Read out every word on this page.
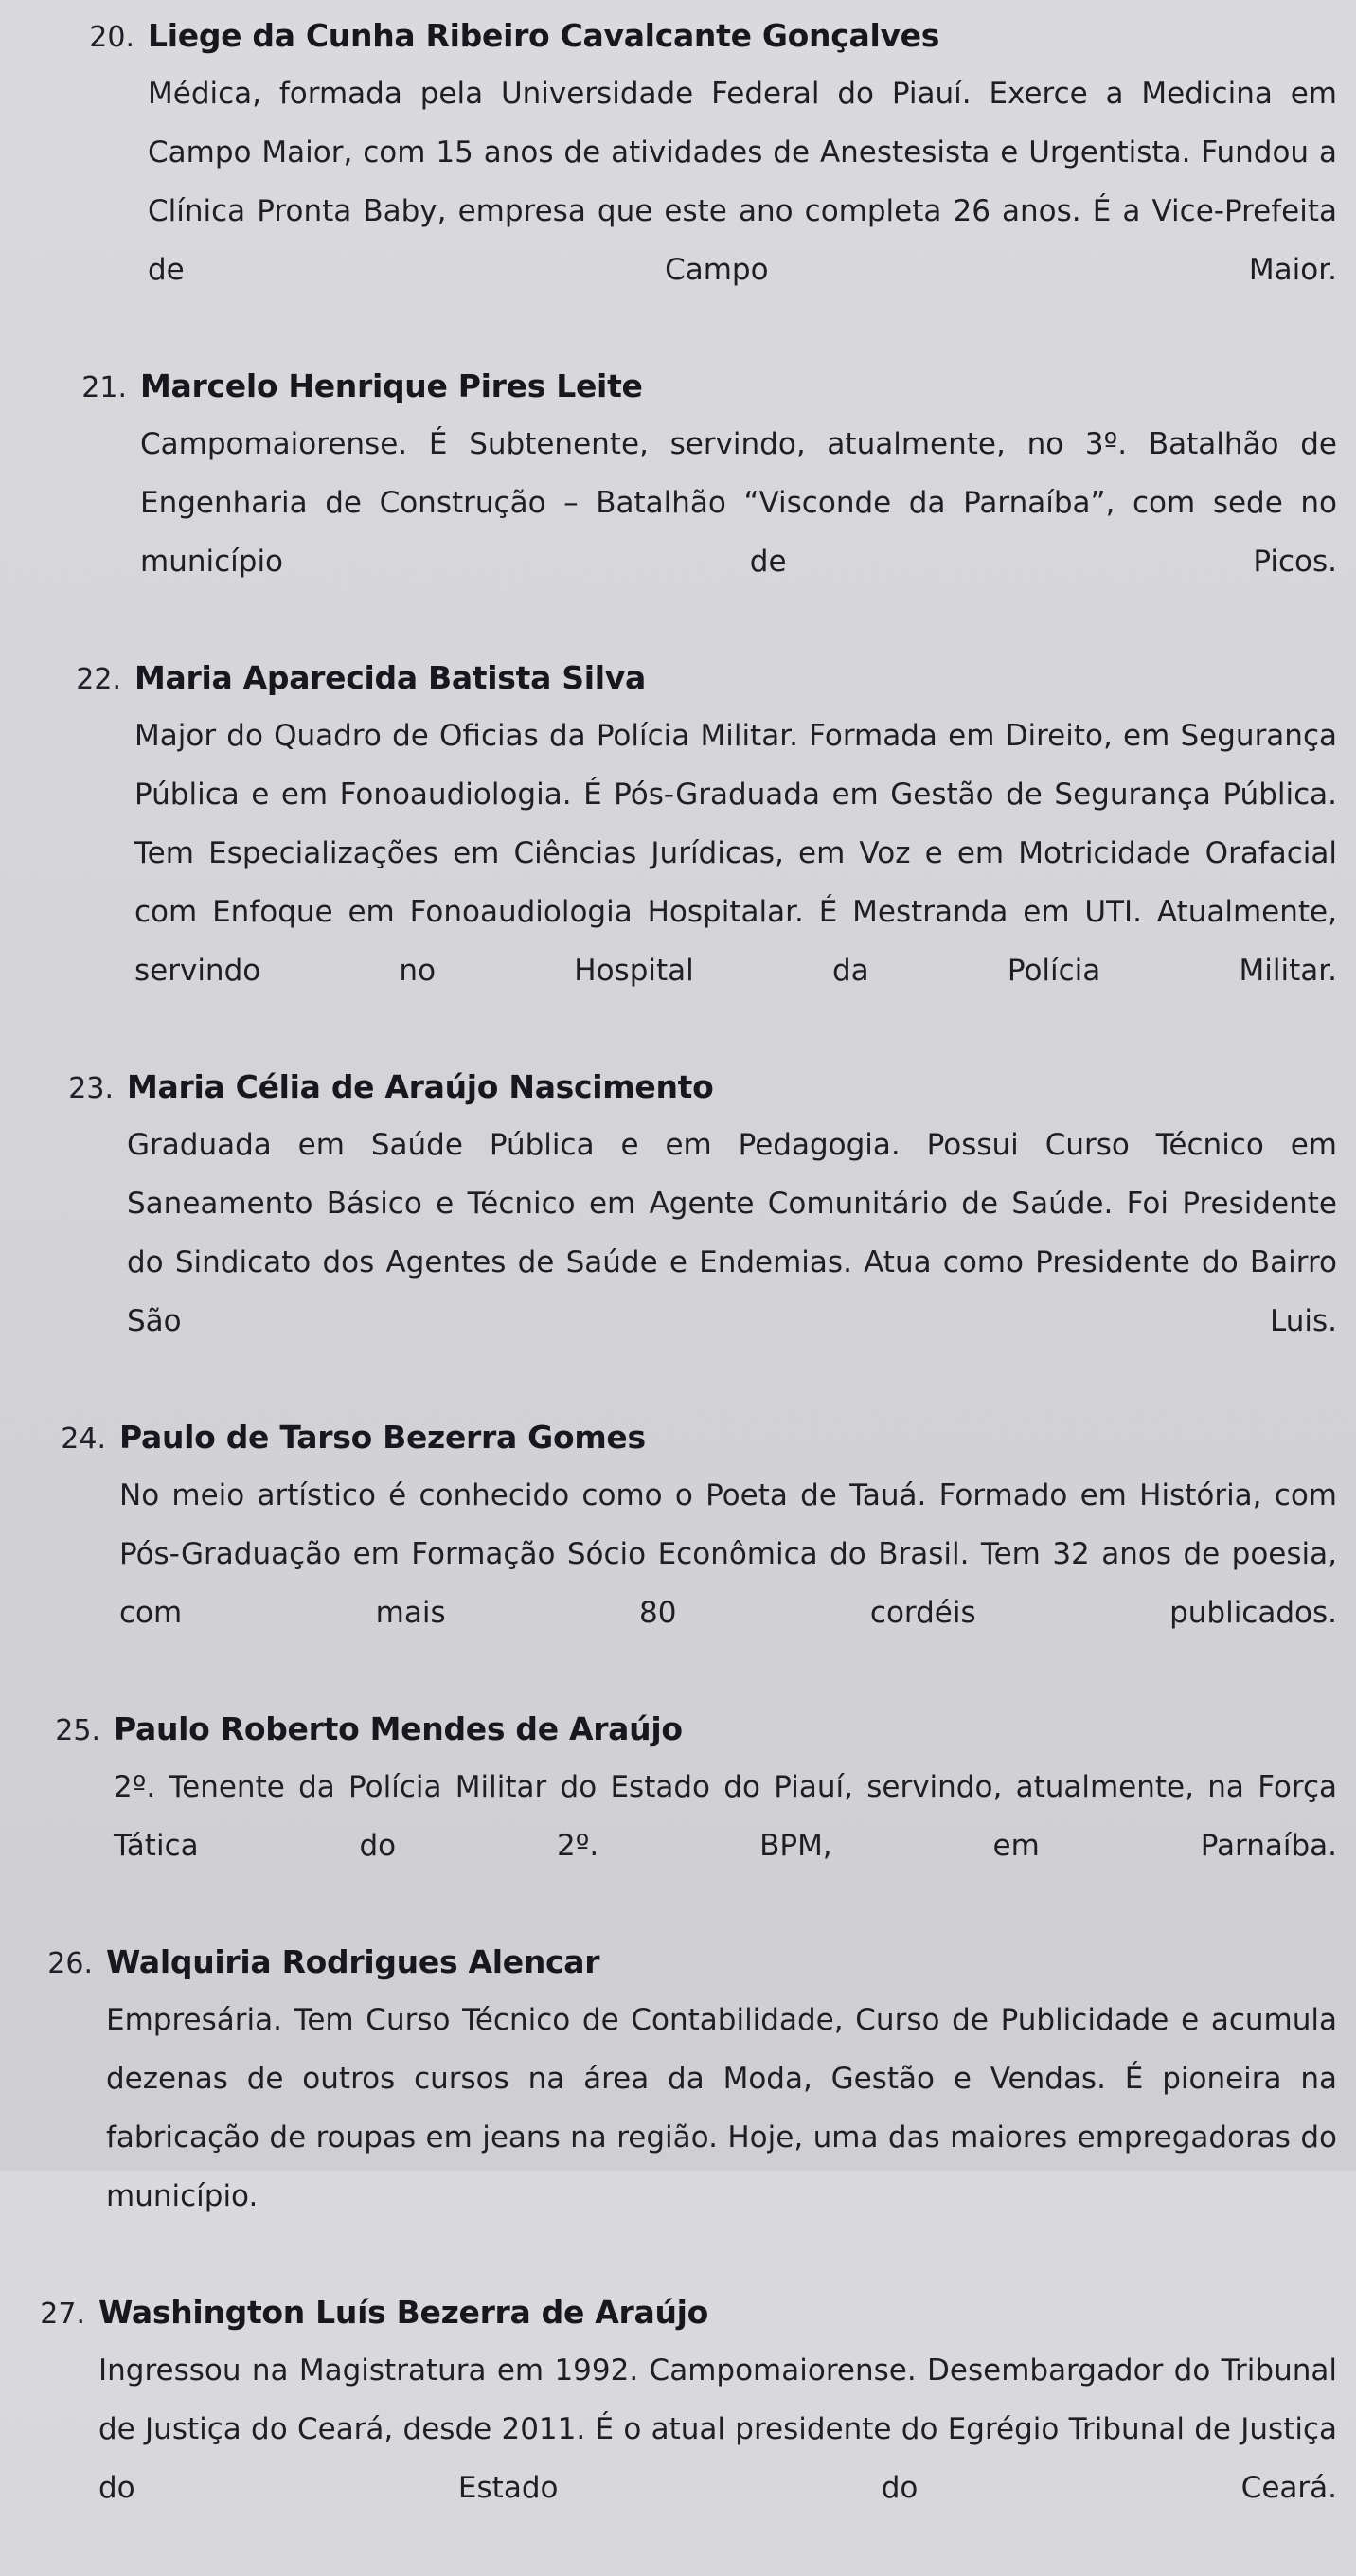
20. Liege da Cunha Ribeiro Cavalcante Gonçalves

Médica, formada pela Universidade Federal do Piauí. Exerce a Medicina em Campo Maior, com 15 anos de atividades de Anestesista e Urgentista. Fundou a Clínica Pronta Baby, empresa que este ano completa 26 anos. É a Vice-Prefeita de Campo Maior.

21. Marcelo Henrique Pires Leite

Campomaiorense. É Subtenente, servindo, atualmente, no 3º. Batalhão de Engenharia de Construção – Batalhão “Visconde da Parnaíba”, com sede no município de Picos.

22. Maria Aparecida Batista Silva

Major do Quadro de Oficias da Polícia Militar. Formada em Direito, em Segurança Pública e em Fonoaudiologia. É Pós-Graduada em Gestão de Segurança Pública. Tem Especializações em Ciências Jurídicas, em Voz e em Motricidade Orafacial com Enfoque em Fonoaudiologia Hospitalar. É Mestranda em UTI. Atualmente, servindo no Hospital da Polícia Militar.

23. Maria Célia de Araújo Nascimento

Graduada em Saúde Pública e em Pedagogia. Possui Curso Técnico em Saneamento Básico e Técnico em Agente Comunitário de Saúde. Foi Presidente do Sindicato dos Agentes de Saúde e Endemias. Atua como Presidente do Bairro São Luis.

24. Paulo de Tarso Bezerra Gomes

No meio artístico é conhecido como o Poeta de Tauá. Formado em História, com Pós-Graduação em Formação Sócio Econômica do Brasil. Tem 32 anos de poesia, com mais 80 cordéis publicados.

25. Paulo Roberto Mendes de Araújo

2º. Tenente da Polícia Militar do Estado do Piauí, servindo, atualmente, na Força Tática do 2º. BPM, em Parnaíba.

26. Walquiria Rodrigues Alencar

Empresária. Tem Curso Técnico de Contabilidade, Curso de Publicidade e acumula dezenas de outros cursos na área da Moda, Gestão e Vendas. É pioneira na fabricação de roupas em jeans na região. Hoje, uma das maiores empregadoras do município.

27. Washington Luís Bezerra de Araújo

Ingressou na Magistratura em 1992. Campomaiorense. Desembargador do Tribunal de Justiça do Ceará, desde 2011. É o atual presidente do Egrégio Tribunal de Justiça do Estado do Ceará.
